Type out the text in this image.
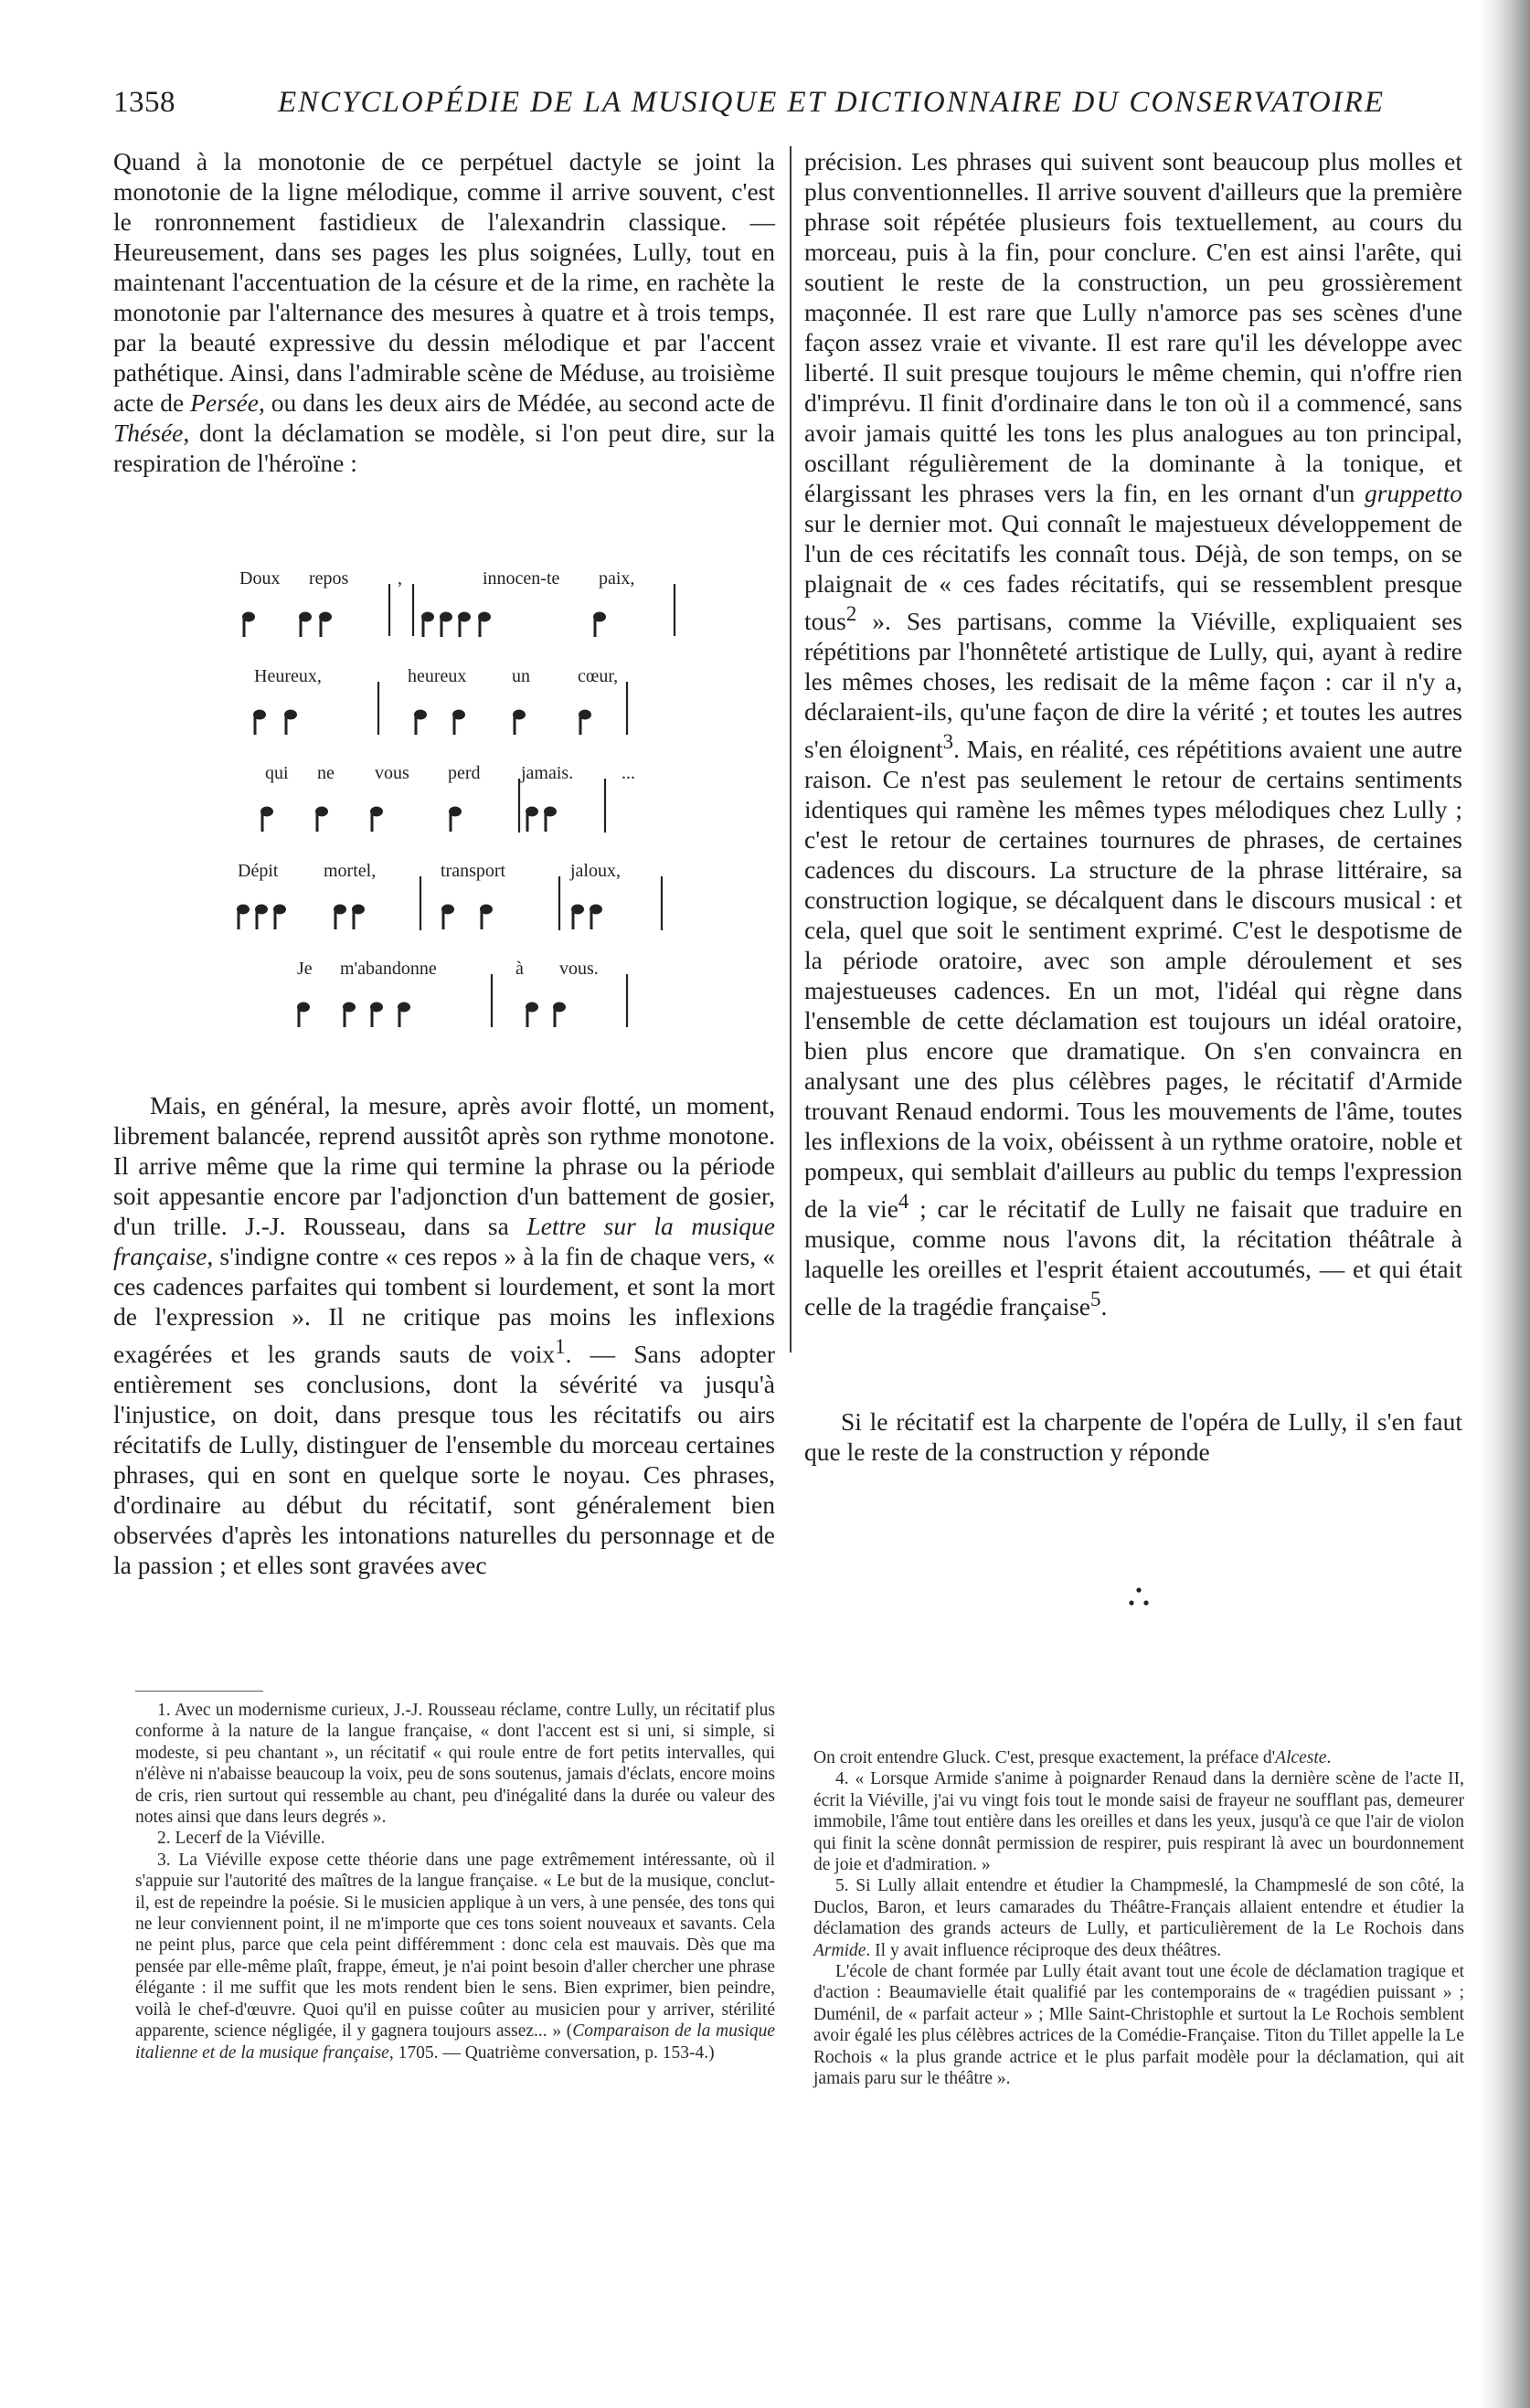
1358	ENCYCLOPÉDIE DE LA MUSIQUE ET DICTIONNAIRE DU CONSERVATOIRE

Quand à la monotonie de ce perpétuel dactyle se joint la monotonie de la ligne mélodique, comme il arrive souvent, c'est le ronronnement fastidieux de l'alexandrin classique. — Heureusement, dans ses pages les plus soignées, Lully, tout en maintenant l'accentuation de la césure et de la rime, en rachète la monotonie par l'alternance des mesures à quatre et à trois temps, par la beauté expressive du dessin mélodique et par l'accent pathétique. Ainsi, dans l'admirable scène de Méduse, au troisième acte de Persée, ou dans les deux airs de Médée, au second acte de Thésée, dont la déclamation se modèle, si l'on peut dire, sur la respiration de l'héroïne :

Doux repos	,	innocen-te paix,
Heureux,	heureux un	cœur,
qui ne vous perd jamais.	...
Dépit mortel,	transport	jaloux,
Je m'abandonne	à vous.

Mais, en général, la mesure, après avoir flotté, un moment, librement balancée, reprend aussitôt après son rythme monotone. Il arrive même que la rime qui termine la phrase ou la période soit appesantie encore par l'adjonction d'un battement de gosier, d'un trille. J.-J. Rousseau, dans sa Lettre sur la musique française, s'indigne contre « ces repos » à la fin de chaque vers, « ces cadences parfaites qui tombent si lourdement, et sont la mort de l'expression ». Il ne critique pas moins les inflexions exagérées et les grands sauts de voix$^1$. — Sans adopter entièrement ses conclusions, dont la sévérité va jusqu'à l'injustice, on doit, dans presque tous les récitatifs ou airs récitatifs de Lully, distinguer de l'ensemble du morceau certaines phrases, qui en sont en quelque sorte le noyau. Ces phrases, d'ordinaire au début du récitatif, sont généralement bien observées d'après les intonations naturelles du personnage et de la passion ; et elles sont gravées avec

précision. Les phrases qui suivent sont beaucoup plus molles et plus conventionnelles. Il arrive souvent d'ailleurs que la première phrase soit répétée plusieurs fois textuellement, au cours du morceau, puis à la fin, pour conclure. C'en est ainsi l'arête, qui soutient le reste de la construction, un peu grossièrement maçonnée. Il est rare que Lully n'amorce pas ses scènes d'une façon assez vraie et vivante. Il est rare qu'il les développe avec liberté. Il suit presque toujours le même chemin, qui n'offre rien d'imprévu. Il finit d'ordinaire dans le ton où il a commencé, sans avoir jamais quitté les tons les plus analogues au ton principal, oscillant régulièrement de la dominante à la tonique, et élargissant les phrases vers la fin, en les ornant d'un gruppetto sur le dernier mot. Qui connaît le majestueux développement de l'un de ces récitatifs les connaît tous. Déjà, de son temps, on se plaignait de « ces fades récitatifs, qui se ressemblent presque tous$^2$ ». Ses partisans, comme la Viéville, expliquaient ses répétitions par l'honnêteté artistique de Lully, qui, ayant à redire les mêmes choses, les redisait de la même façon : car il n'y a, déclaraient-ils, qu'une façon de dire la vérité ; et toutes les autres s'en éloignent$^3$. Mais, en réalité, ces répétitions avaient une autre raison. Ce n'est pas seulement le retour de certains sentiments identiques qui ramène les mêmes types mélodiques chez Lully ; c'est le retour de certaines tournures de phrases, de certaines cadences du discours. La structure de la phrase littéraire, sa construction logique, se décalquent dans le discours musical : et cela, quel que soit le sentiment exprimé. C'est le despotisme de la période oratoire, avec son ample déroulement et ses majestueuses cadences. En un mot, l'idéal qui règne dans l'ensemble de cette déclamation est toujours un idéal oratoire, bien plus encore que dramatique. On s'en convaincra en analysant une des plus célèbres pages, le récitatif d'Armide trouvant Renaud endormi. Tous les mouvements de l'âme, toutes les inflexions de la voix, obéissent à un rythme oratoire, noble et pompeux, qui semblait d'ailleurs au public du temps l'expression de la vie$^4$ ; car le récitatif de Lully ne faisait que traduire en musique, comme nous l'avons dit, la récitation théâtrale à laquelle les oreilles et l'esprit étaient accoutumés, — et qui était celle de la tragédie française$^5$.

Si le récitatif est la charpente de l'opéra de Lully, il s'en faut que le reste de la construction y réponde

1. Avec un modernisme curieux, J.-J. Rousseau réclame, contre Lully, un récitatif plus conforme à la nature de la langue française, « dont l'accent est si uni, si simple, si modeste, si peu chantant », un récitatif « qui roule entre de fort petits intervalles, qui n'élève ni n'abaisse beaucoup la voix, peu de sons soutenus, jamais d'éclats, encore moins de cris, rien surtout qui ressemble au chant, peu d'inégalité dans la durée ou valeur des notes ainsi que dans leurs degrés ».

2. Lecerf de la Viéville.

3. La Viéville expose cette théorie dans une page extrêmement intéressante, où il s'appuie sur l'autorité des maîtres de la langue française. « Le but de la musique, conclut-il, est de repeindre la poésie. Si le musicien applique à un vers, à une pensée, des tons qui ne leur conviennent point, il ne m'importe que ces tons soient nouveaux et savants. Cela ne peint plus, parce que cela peint différemment : donc cela est mauvais. Dès que ma pensée par elle-même plaît, frappe, émeut, je n'ai point besoin d'aller chercher une phrase élégante : il me suffit que les mots rendent bien le sens. Bien exprimer, bien peindre, voilà le chef-d'œuvre. Quoi qu'il en puisse coûter au musicien pour y arriver, stérilité apparente, science négligée, il y gagnera toujours assez... » (Comparaison de la musique italienne et de la musique française, 1705. — Quatrième conversation, p. 153-4.)

On croit entendre Gluck. C'est, presque exactement, la préface d'Alceste.

4. « Lorsque Armide s'anime à poignarder Renaud dans la dernière scène de l'acte II, écrit la Viéville, j'ai vu vingt fois tout le monde saisi de frayeur ne soufflant pas, demeurer immobile, l'âme tout entière dans les oreilles et dans les yeux, jusqu'à ce que l'air de violon qui finit la scène donnât permission de respirer, puis respirant là avec un bourdonnement de joie et d'admiration. »

5. Si Lully allait entendre et étudier la Champmeslé, la Champmeslé de son côté, la Duclos, Baron, et leurs camarades du Théâtre-Français allaient entendre et étudier la déclamation des grands acteurs de Lully, et particulièrement de la Le Rochois dans Armide. Il y avait influence réciproque des deux théâtres.

L'école de chant formée par Lully était avant tout une école de déclamation tragique et d'action : Beaumavielle était qualifié par les contemporains de « tragédien puissant » ; Duménil, de « parfait acteur » ; Mlle Saint-Christophle et surtout la Le Rochois semblent avoir égalé les plus célèbres actrices de la Comédie-Française. Titon du Tillet appelle la Le Rochois « la plus grande actrice et le plus parfait modèle pour la déclamation, qui ait jamais paru sur le théâtre ».
